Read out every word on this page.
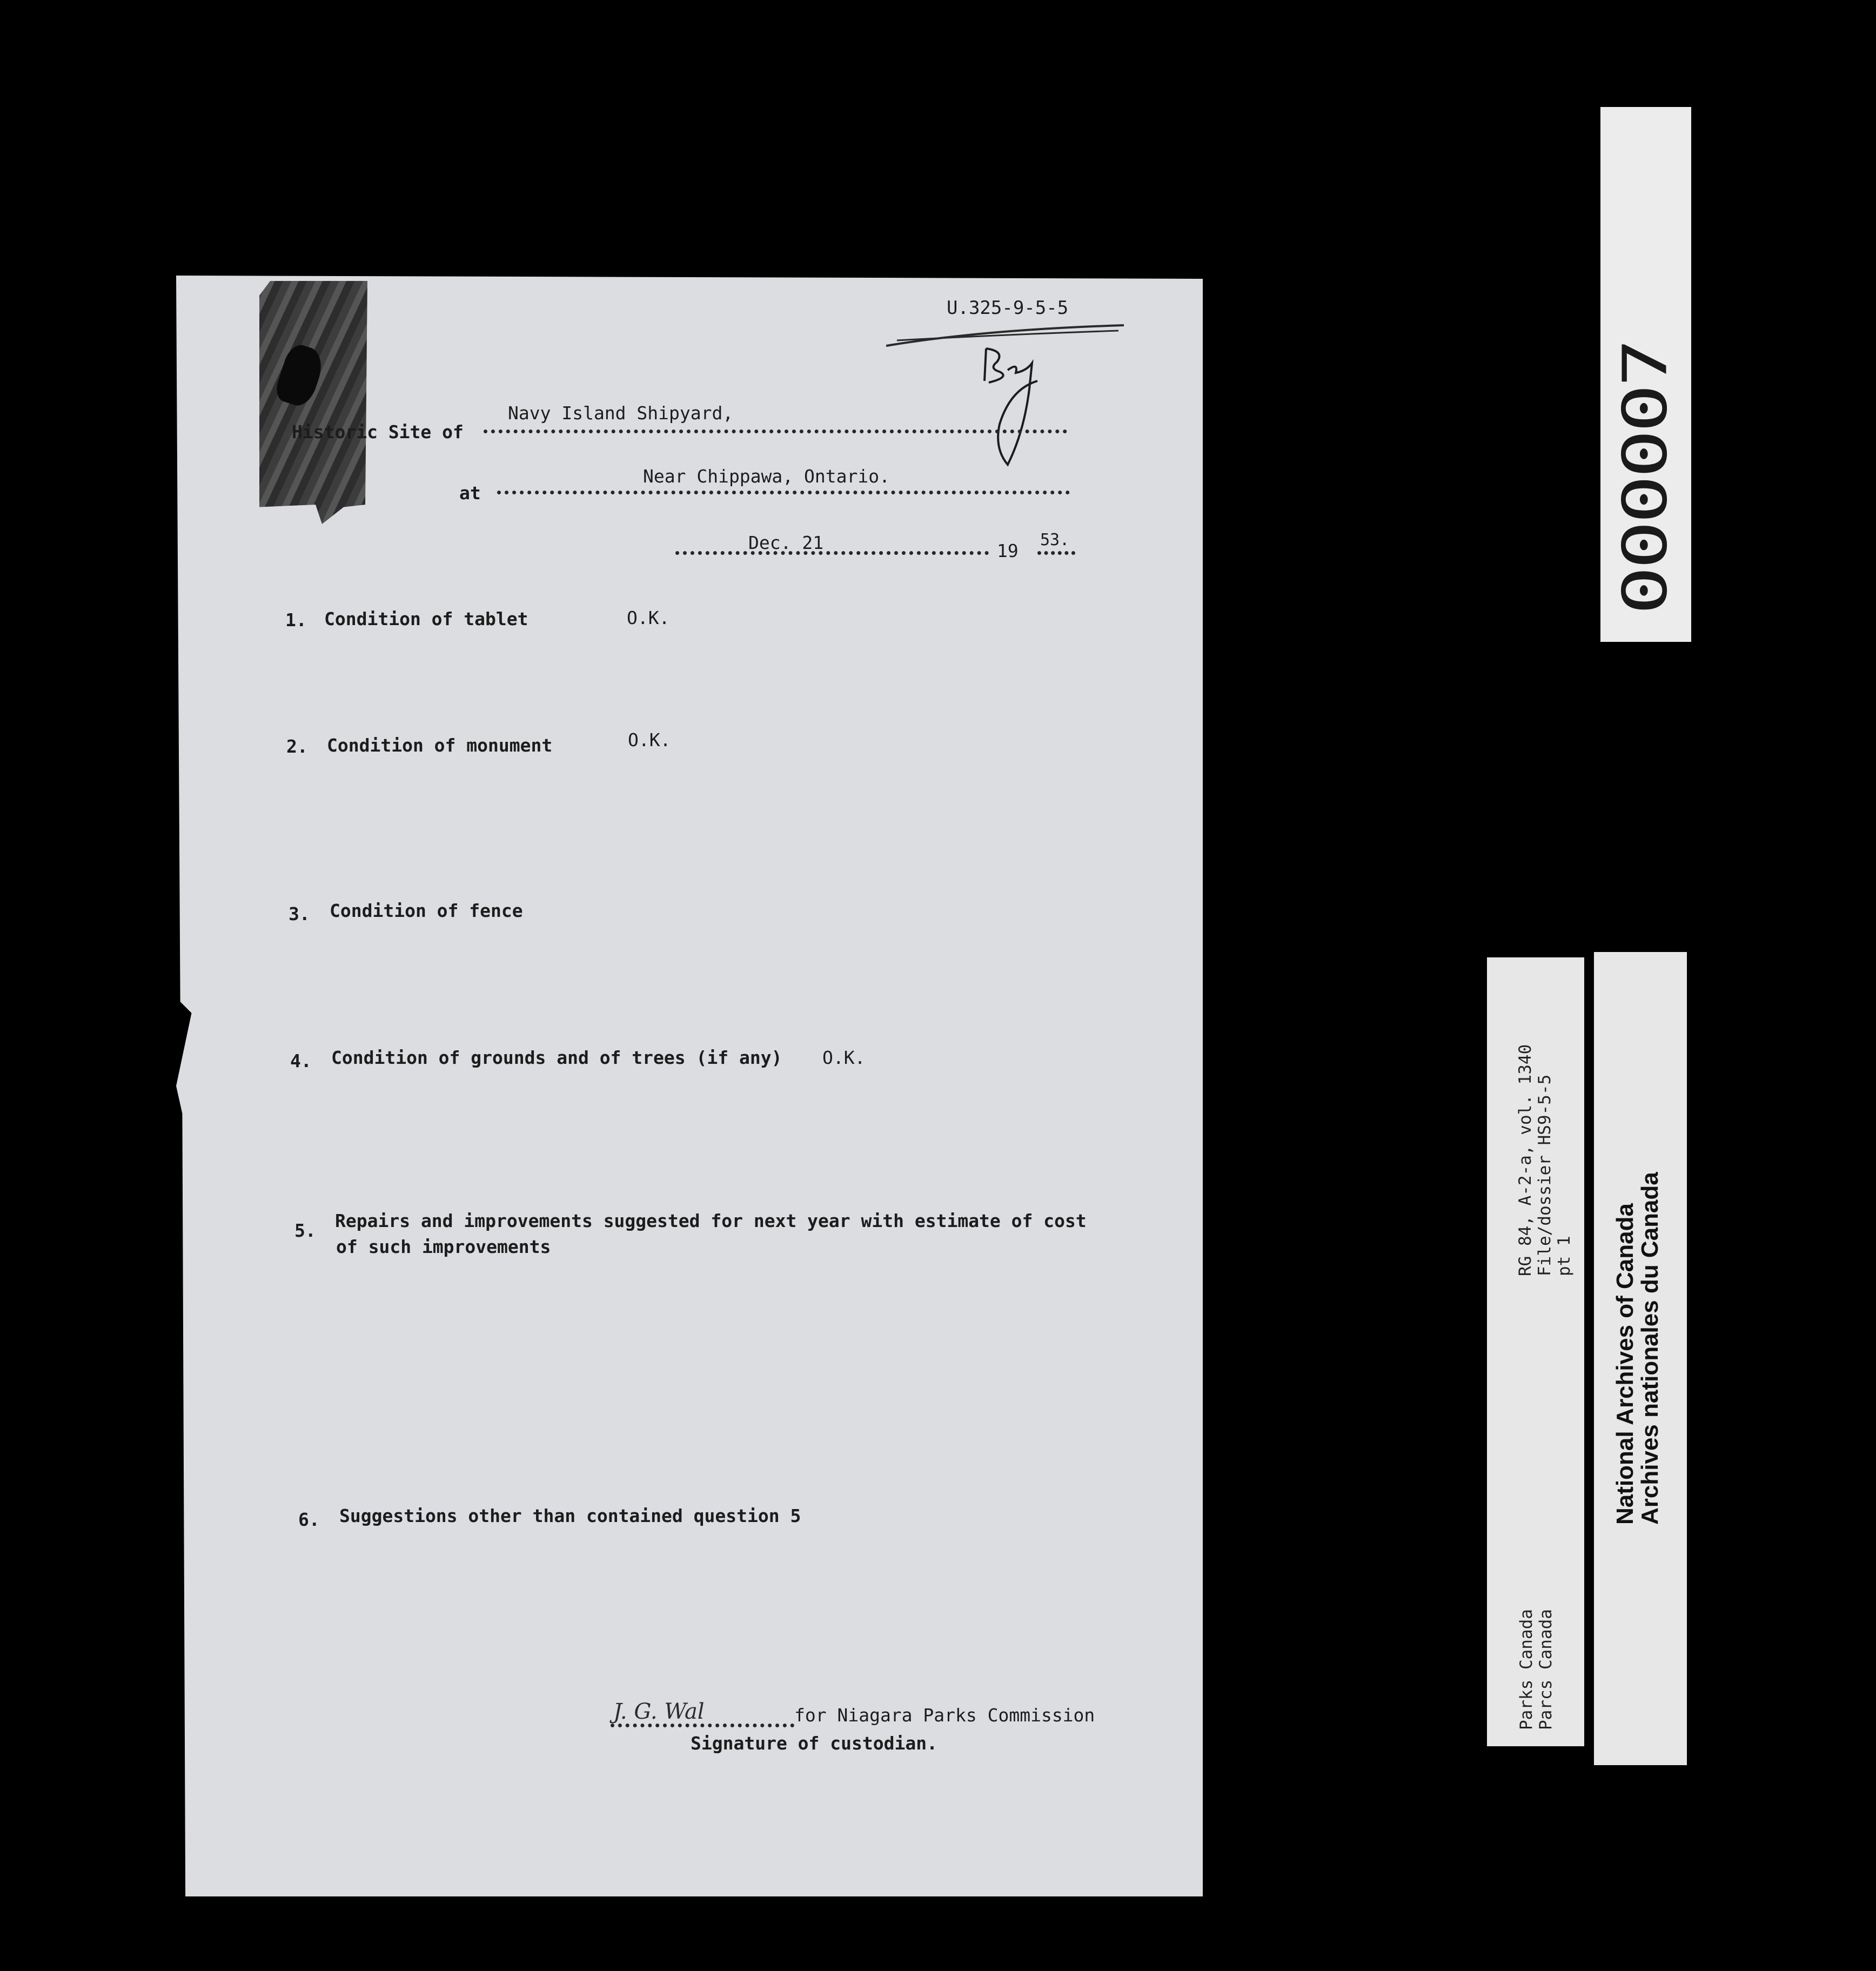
U.325-9-5-5
Historic Site of
Navy Island Shipyard,
at
Near Chippawa, Ontario.
Dec. 21	19
53.
1. Condition of tablet	O.K.
2. Condition of monument	O.K.
3. Condition of fence
4. Condition of grounds and of trees (if any) O.K.
5. Repairs and improvements suggested for next year with estimate of cost
of such improvements
6. Suggestions other than contained question 5
J. G. Wal	for Niagara Parks Commission
Signature of custodian.
000007
RG 84, A-2-a, vol. 1340 File/dossier HS9-5-5 pt 1
Parks Canada Parcs Canada
National Archives of Canada
Archives nationales du Canada
